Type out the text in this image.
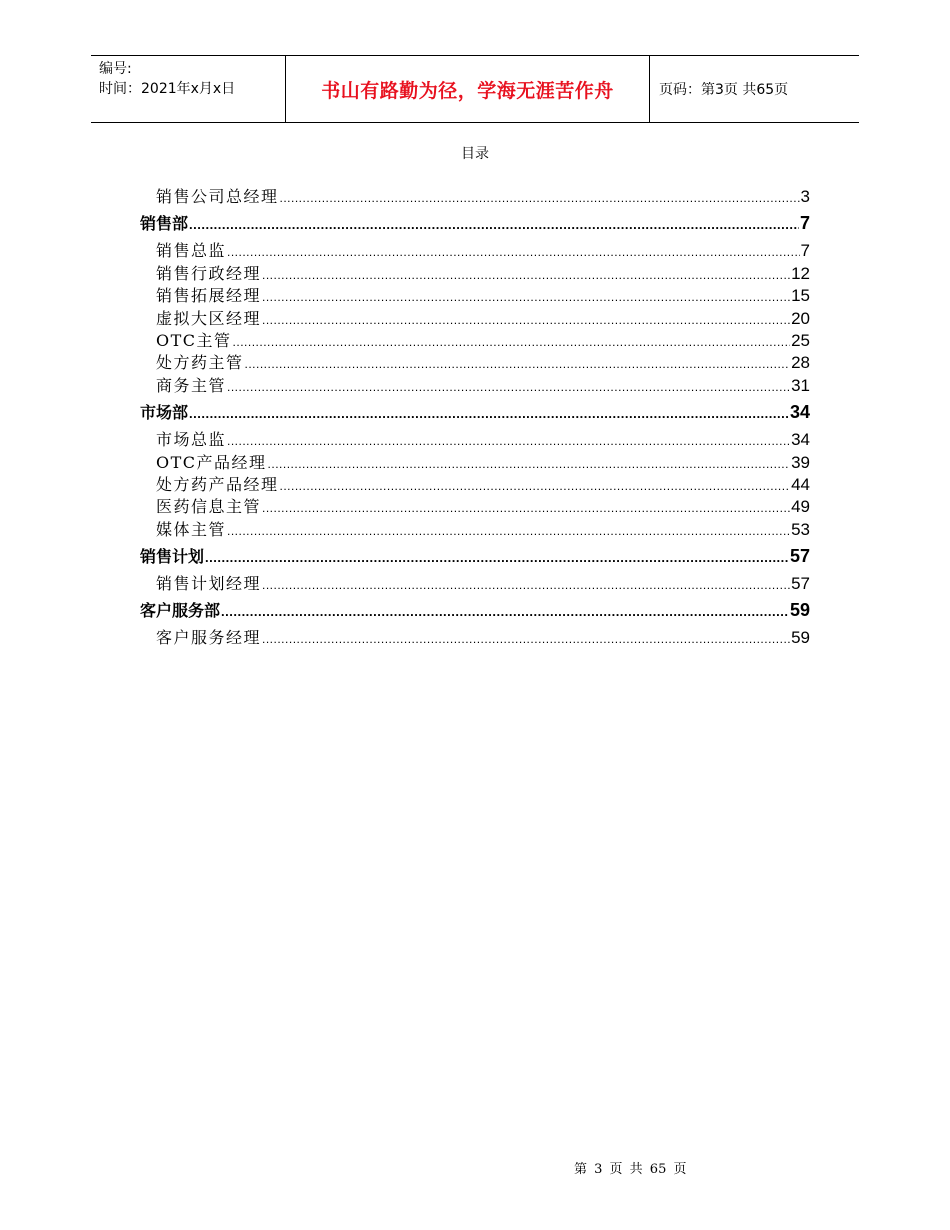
编号:
时间：2021年x月x日	书山有路勤为径，学海无涯苦作舟	页码：第3页 共65页
目录
销售公司总经理 .....	3
销售部 .....	7
销售总监 .....	7
销售行政经理 .....	12
销售拓展经理 .....	15
虚拟大区经理 .....	20
OTC主管 .....	25
处方药主管 .....	28
商务主管 .....	31
市场部 .....	34
市场总监 .....	34
OTC产品经理 .....	39
处方药产品经理 .....	44
医药信息主管 .....	49
媒体主管 .....	53
销售计划 .....	57
销售计划经理 .....	57
客户服务部 .....	59
客户服务经理 .....	59
第 3 页 共 65 页
